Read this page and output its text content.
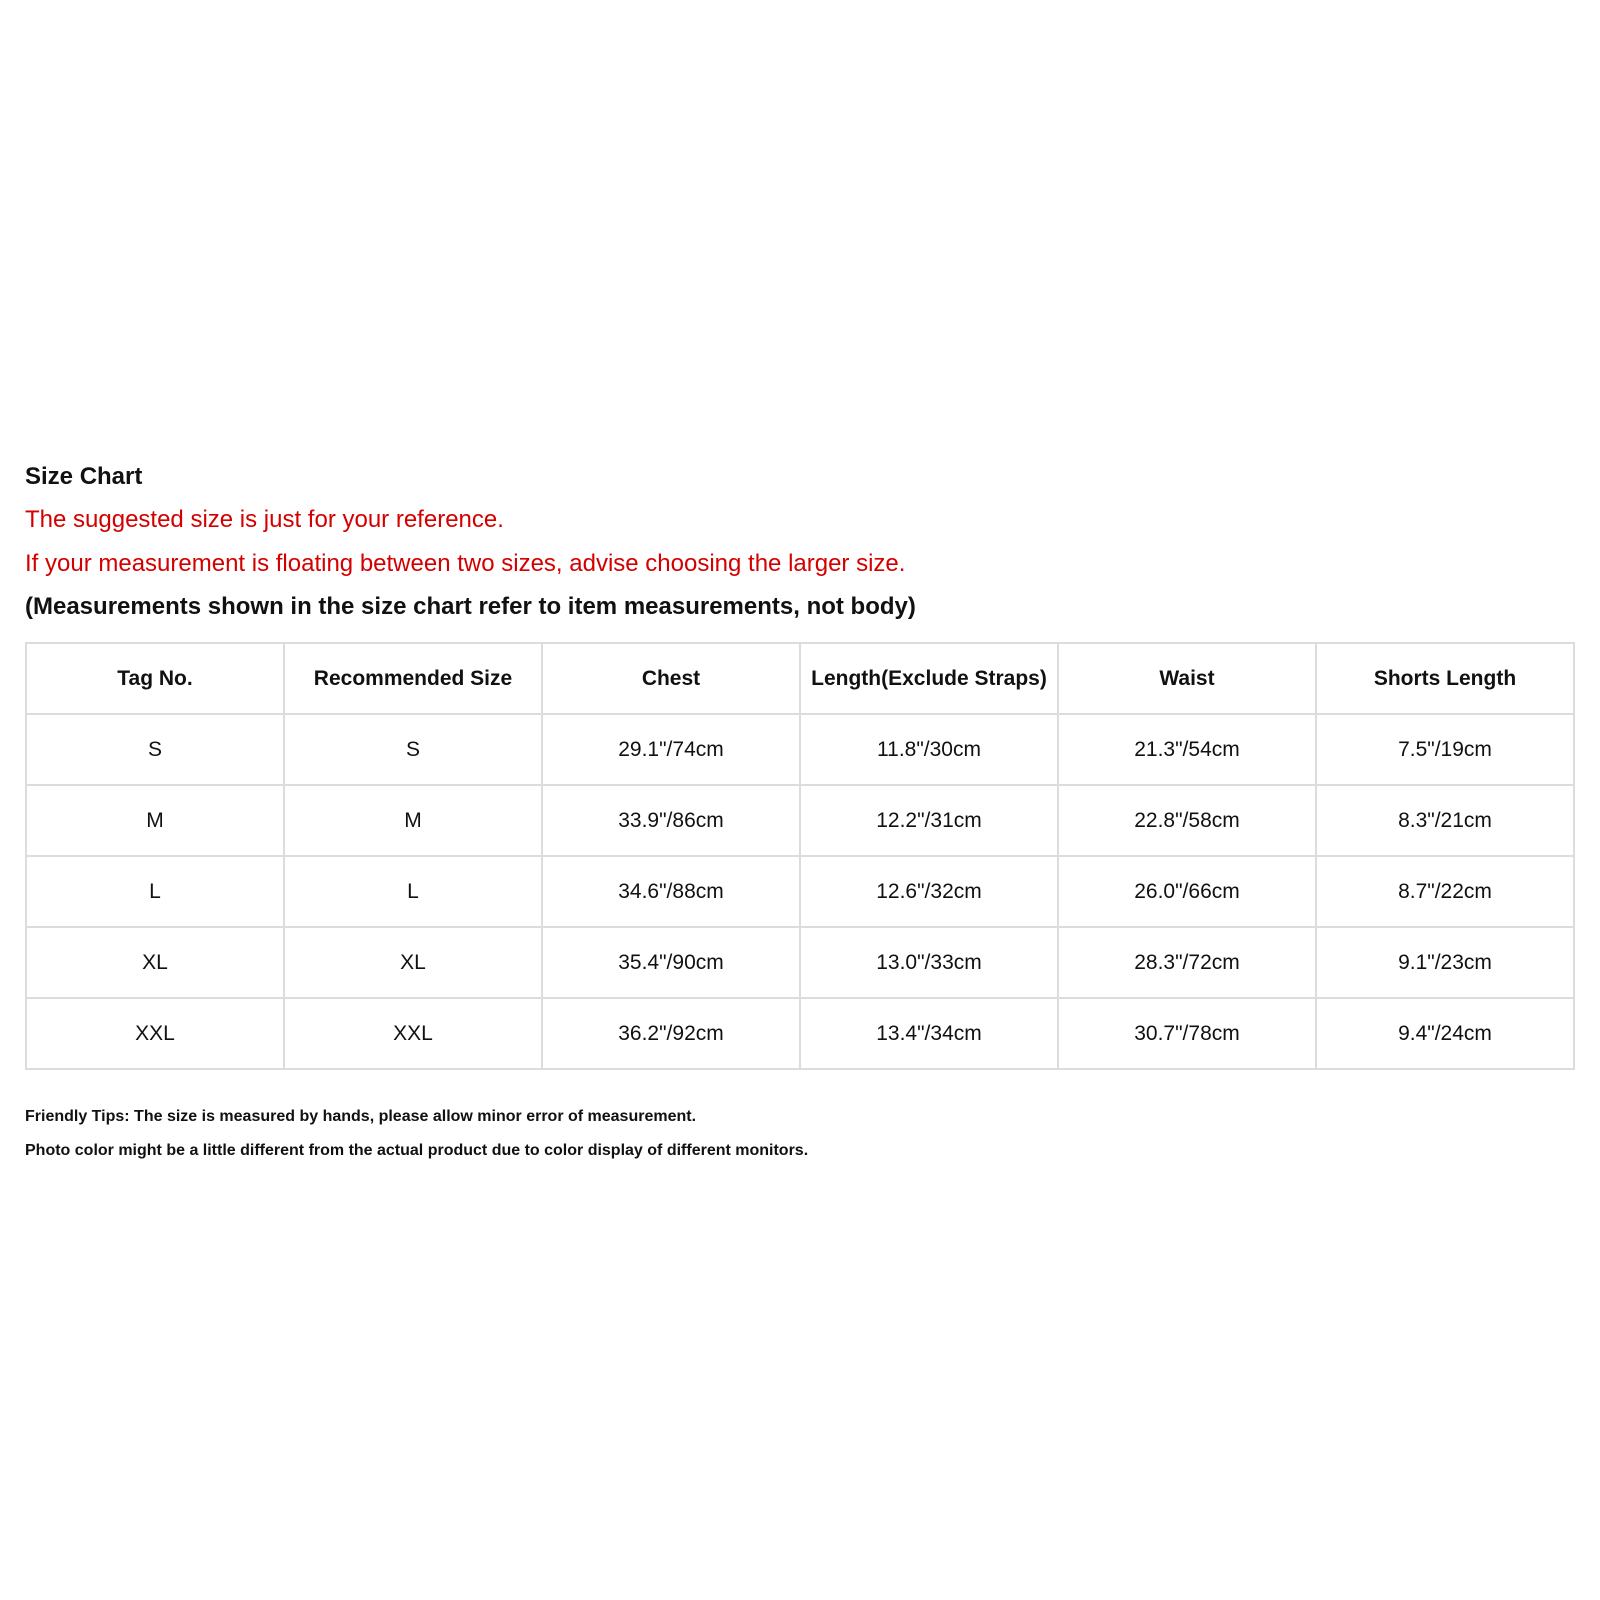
Size Chart
The suggested size is just for your reference.
If your measurement is floating between two sizes, advise choosing the larger size.
(Measurements shown in the size chart refer to item measurements, not body)
Tag No.	Recommended Size	Chest	Length(Exclude Straps)	Waist	Shorts Length
S	S	29.1"/74cm	11.8"/30cm	21.3"/54cm	7.5"/19cm
M	M	33.9"/86cm	12.2"/31cm	22.8"/58cm	8.3"/21cm
L	L	34.6"/88cm	12.6"/32cm	26.0"/66cm	8.7"/22cm
XL	XL	35.4"/90cm	13.0"/33cm	28.3"/72cm	9.1"/23cm
XXL	XXL	36.2"/92cm	13.4"/34cm	30.7"/78cm	9.4"/24cm
Friendly Tips: The size is measured by hands, please allow minor error of measurement.
Photo color might be a little different from the actual product due to color display of different monitors.
